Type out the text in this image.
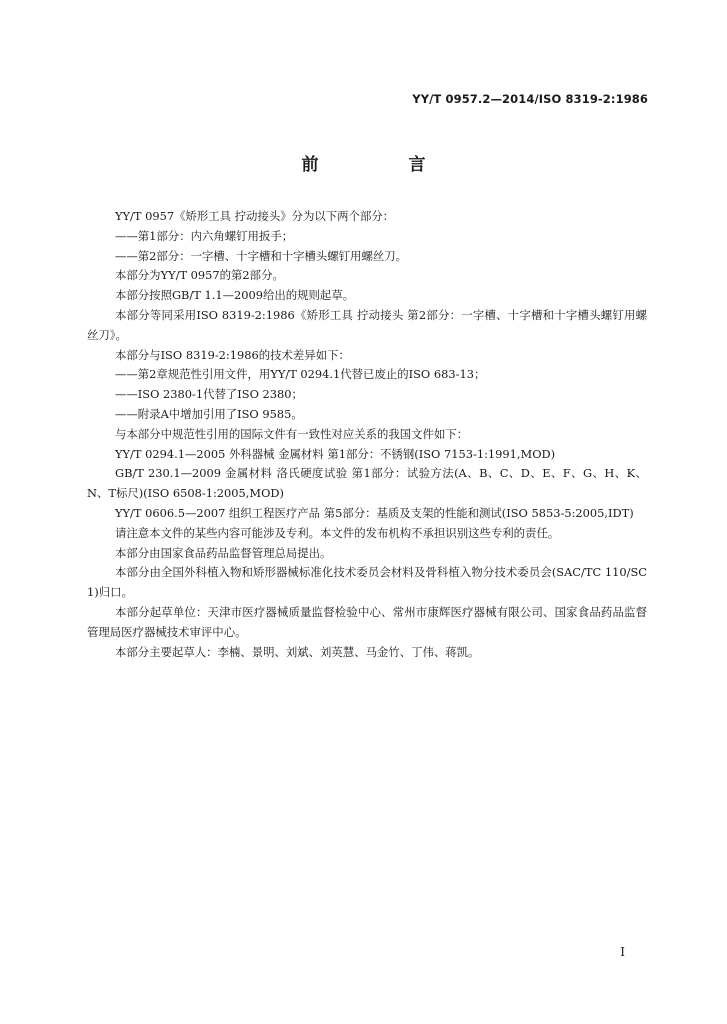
YY/T 0957.2—2014/ISO 8319-2:1986
前 言

YY/T 0957《矫形工具 拧动接头》分为以下两个部分：

——第1部分：内六角螺钉用扳手；

——第2部分：一字槽、十字槽和十字槽头螺钉用螺丝刀。

本部分为YY/T 0957的第2部分。

本部分按照GB/T 1.1—2009给出的规则起草。

本部分等同采用ISO 8319-2:1986《矫形工具 拧动接头 第2部分：一字槽、十字槽和十字槽头螺钉用螺丝刀》。

本部分与ISO 8319-2:1986的技术差异如下：

——第2章规范性引用文件，用YY/T 0294.1代替已废止的ISO 683-13；

——ISO 2380-1代替了ISO 2380；

——附录A中增加引用了ISO 9585。

与本部分中规范性引用的国际文件有一致性对应关系的我国文件如下：

YY/T 0294.1—2005 外科器械 金属材料 第1部分：不锈钢(ISO 7153-1:1991,MOD)

GB/T 230.1—2009 金属材料 洛氏硬度试验 第1部分：试验方法(A、B、C、D、E、F、G、H、K、N、T标尺)(ISO 6508-1:2005,MOD)

YY/T 0606.5—2007 组织工程医疗产品 第5部分：基质及支架的性能和测试(ISO 5853-5:2005,IDT)

请注意本文件的某些内容可能涉及专利。本文件的发布机构不承担识别这些专利的责任。

本部分由国家食品药品监督管理总局提出。

本部分由全国外科植入物和矫形器械标准化技术委员会材料及骨科植入物分技术委员会(SAC/TC 110/SC 1)归口。

本部分起草单位：天津市医疗器械质量监督检验中心、常州市康辉医疗器械有限公司、国家食品药品监督管理局医疗器械技术审评中心。

本部分主要起草人：李楠、景明、刘斌、刘英慧、马金竹、丁伟、蒋凯。

I
